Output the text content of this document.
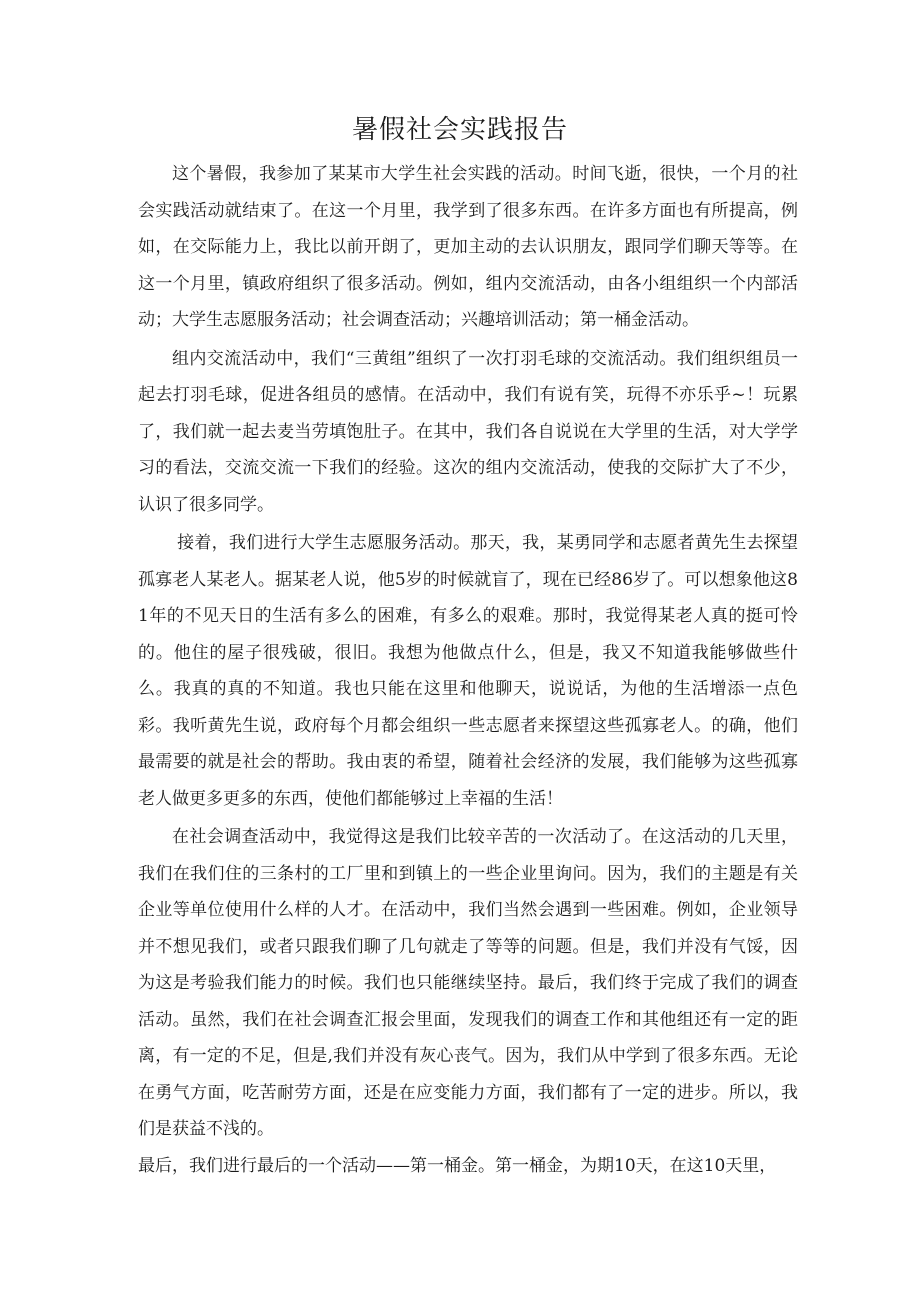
暑假社会实践报告

这个暑假，我参加了某某市大学生社会实践的活动。时间飞逝，很快，一个月的社会实践活动就结束了。在这一个月里，我学到了很多东西。在许多方面也有所提高，例如，在交际能力上，我比以前开朗了，更加主动的去认识朋友，跟同学们聊天等等。在这一个月里，镇政府组织了很多活动。例如，组内交流活动，由各小组组织一个内部活动；大学生志愿服务活动；社会调查活动；兴趣培训活动；第一桶金活动。

组内交流活动中，我们“三黄组”组织了一次打羽毛球的交流活动。我们组织组员一起去打羽毛球，促进各组员的感情。在活动中，我们有说有笑，玩得不亦乐乎~！玩累了，我们就一起去麦当劳填饱肚子。在其中，我们各自说说在大学里的生活，对大学学习的看法，交流交流一下我们的经验。这次的组内交流活动，使我的交际扩大了不少，认识了很多同学。

接着，我们进行大学生志愿服务活动。那天，我，某勇同学和志愿者黄先生去探望孤寡老人某老人。据某老人说，他5岁的时候就盲了，现在已经86岁了。可以想象他这81年的不见天日的生活有多么的困难，有多么的艰难。那时，我觉得某老人真的挺可怜的。他住的屋子很残破，很旧。我想为他做点什么，但是，我又不知道我能够做些什么。我真的真的不知道。我也只能在这里和他聊天，说说话，为他的生活增添一点色彩。我听黄先生说，政府每个月都会组织一些志愿者来探望这些孤寡老人。的确，他们最需要的就是社会的帮助。我由衷的希望，随着社会经济的发展，我们能够为这些孤寡老人做更多更多的东西，使他们都能够过上幸福的生活！

在社会调查活动中，我觉得这是我们比较辛苦的一次活动了。在这活动的几天里，我们在我们住的三条村的工厂里和到镇上的一些企业里询问。因为，我们的主题是有关企业等单位使用什么样的人才。在活动中，我们当然会遇到一些困难。例如，企业领导并不想见我们，或者只跟我们聊了几句就走了等等的问题。但是，我们并没有气馁，因为这是考验我们能力的时候。我们也只能继续坚持。最后，我们终于完成了我们的调查活动。虽然，我们在社会调查汇报会里面，发现我们的调查工作和其他组还有一定的距离，有一定的不足，但是,我们并没有灰心丧气。因为，我们从中学到了很多东西。无论在勇气方面，吃苦耐劳方面，还是在应变能力方面，我们都有了一定的进步。所以，我们是获益不浅的。

最后，我们进行最后的一个活动——第一桶金。第一桶金，为期10天，在这10天里，
